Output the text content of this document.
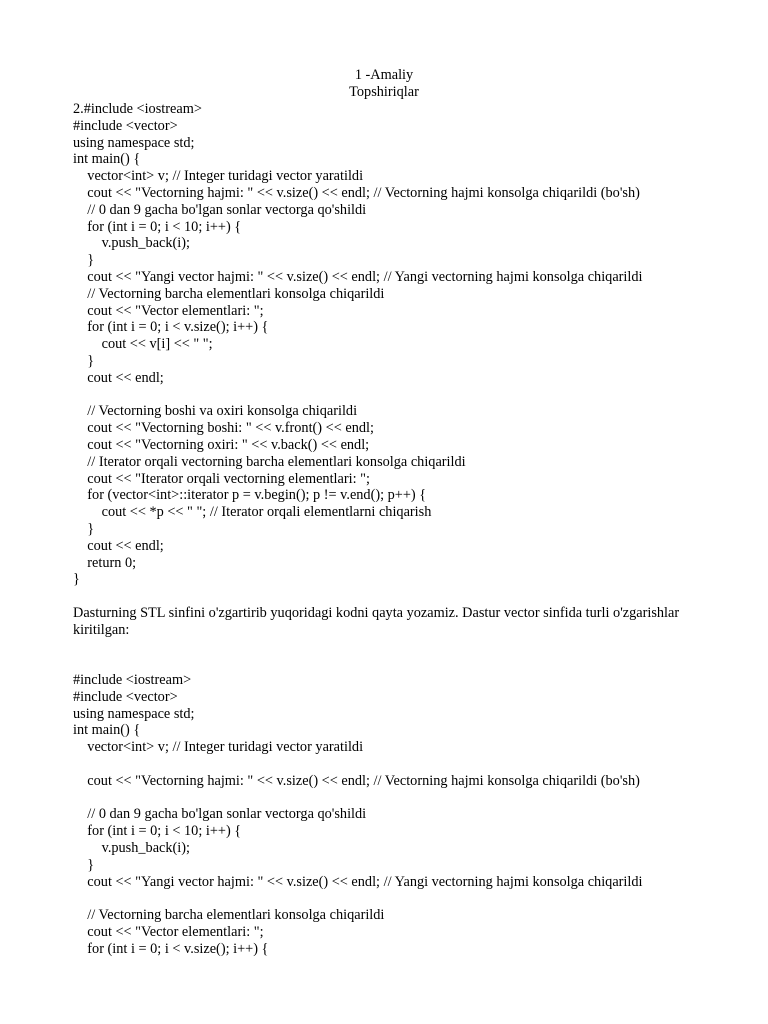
1 -Amaliy
Topshiriqlar
2.#include <iostream>
#include <vector>
using namespace std;
int main() {
vector<int> v; // Integer turidagi vector yaratildi
cout << "Vectorning hajmi: " << v.size() << endl; // Vectorning hajmi konsolga chiqarildi (bo'sh)
// 0 dan 9 gacha bo'lgan sonlar vectorga qo'shildi
for (int i = 0; i < 10; i++) {
v.push_back(i);
}
cout << "Yangi vector hajmi: " << v.size() << endl; // Yangi vectorning hajmi konsolga chiqarildi
// Vectorning barcha elementlari konsolga chiqarildi
cout << "Vector elementlari: ";
for (int i = 0; i < v.size(); i++) {
cout << v[i] << " ";
}
cout << endl;
// Vectorning boshi va oxiri konsolga chiqarildi
cout << "Vectorning boshi: " << v.front() << endl;
cout << "Vectorning oxiri: " << v.back() << endl;
// Iterator orqali vectorning barcha elementlari konsolga chiqarildi
cout << "Iterator orqali vectorning elementlari: ";
for (vector<int>::iterator p = v.begin(); p != v.end(); p++) {
cout << *p << " "; // Iterator orqali elementlarni chiqarish
}
cout << endl;
return 0;
}
Dasturning STL sinfini o'zgartirib yuqoridagi kodni qayta yozamiz. Dastur vector sinfida turli o'zgarishlar kiritilgan:
#include <iostream>
#include <vector>
using namespace std;
int main() {
vector<int> v; // Integer turidagi vector yaratildi
cout << "Vectorning hajmi: " << v.size() << endl; // Vectorning hajmi konsolga chiqarildi (bo'sh)
// 0 dan 9 gacha bo'lgan sonlar vectorga qo'shildi
for (int i = 0; i < 10; i++) {
v.push_back(i);
}
cout << "Yangi vector hajmi: " << v.size() << endl; // Yangi vectorning hajmi konsolga chiqarildi
// Vectorning barcha elementlari konsolga chiqarildi
cout << "Vector elementlari: ";
for (int i = 0; i < v.size(); i++) {
